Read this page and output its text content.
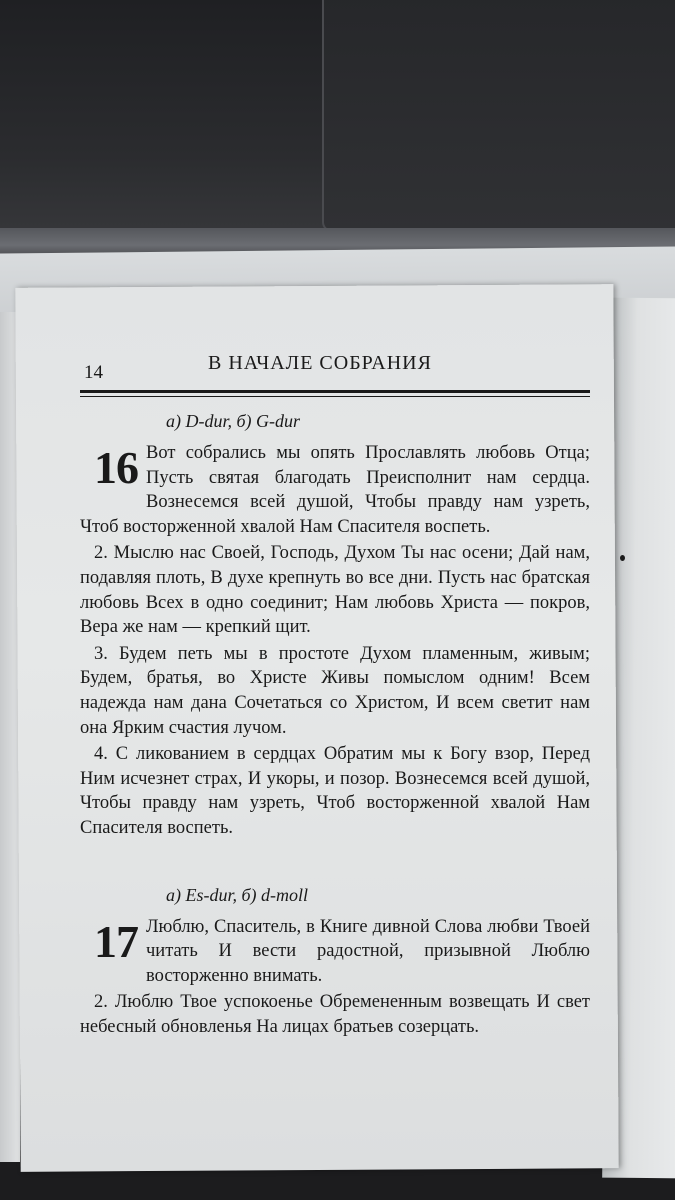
14	В НАЧАЛЕ СОБРАНИЯ
а) D-dur, б) G-dur
16 Вот собрались мы опять Прославлять любовь Отца; Пусть святая благодать Преисполнит нам сердца. Вознесемся всей душой, Чтобы правду нам узреть, Чтоб восторженной хвалой Нам Спасителя воспеть.

2. Мыслю нас Своей, Господь, Духом Ты нас осени; Дай нам, подавляя плоть, В духе крепнуть во все дни. Пусть нас братская любовь Всех в одно соединит; Нам любовь Христа — покров, Вера же нам — крепкий щит.

3. Будем петь мы в простоте Духом пламенным, живым; Будем, братья, во Христе Живы помыслом одним! Всем надежда нам дана Сочетаться со Христом, И всем светит нам она Ярким счастия лучом.

4. С ликованием в сердцах Обратим мы к Богу взор, Перед Ним исчезнет страх, И укоры, и позор. Вознесемся всей душой, Чтобы правду нам узреть, Чтоб восторженной хвалой Нам Спасителя воспеть.

а) Es-dur, б) d-moll
17 Люблю, Спаситель, в Книге дивной Слова любви Твоей читать И вести радостной, призывной Люблю восторженно внимать.

2. Люблю Твое успокоенье Обремененным возвещать И свет небесный обновленья На лицах братьев созерцать.
